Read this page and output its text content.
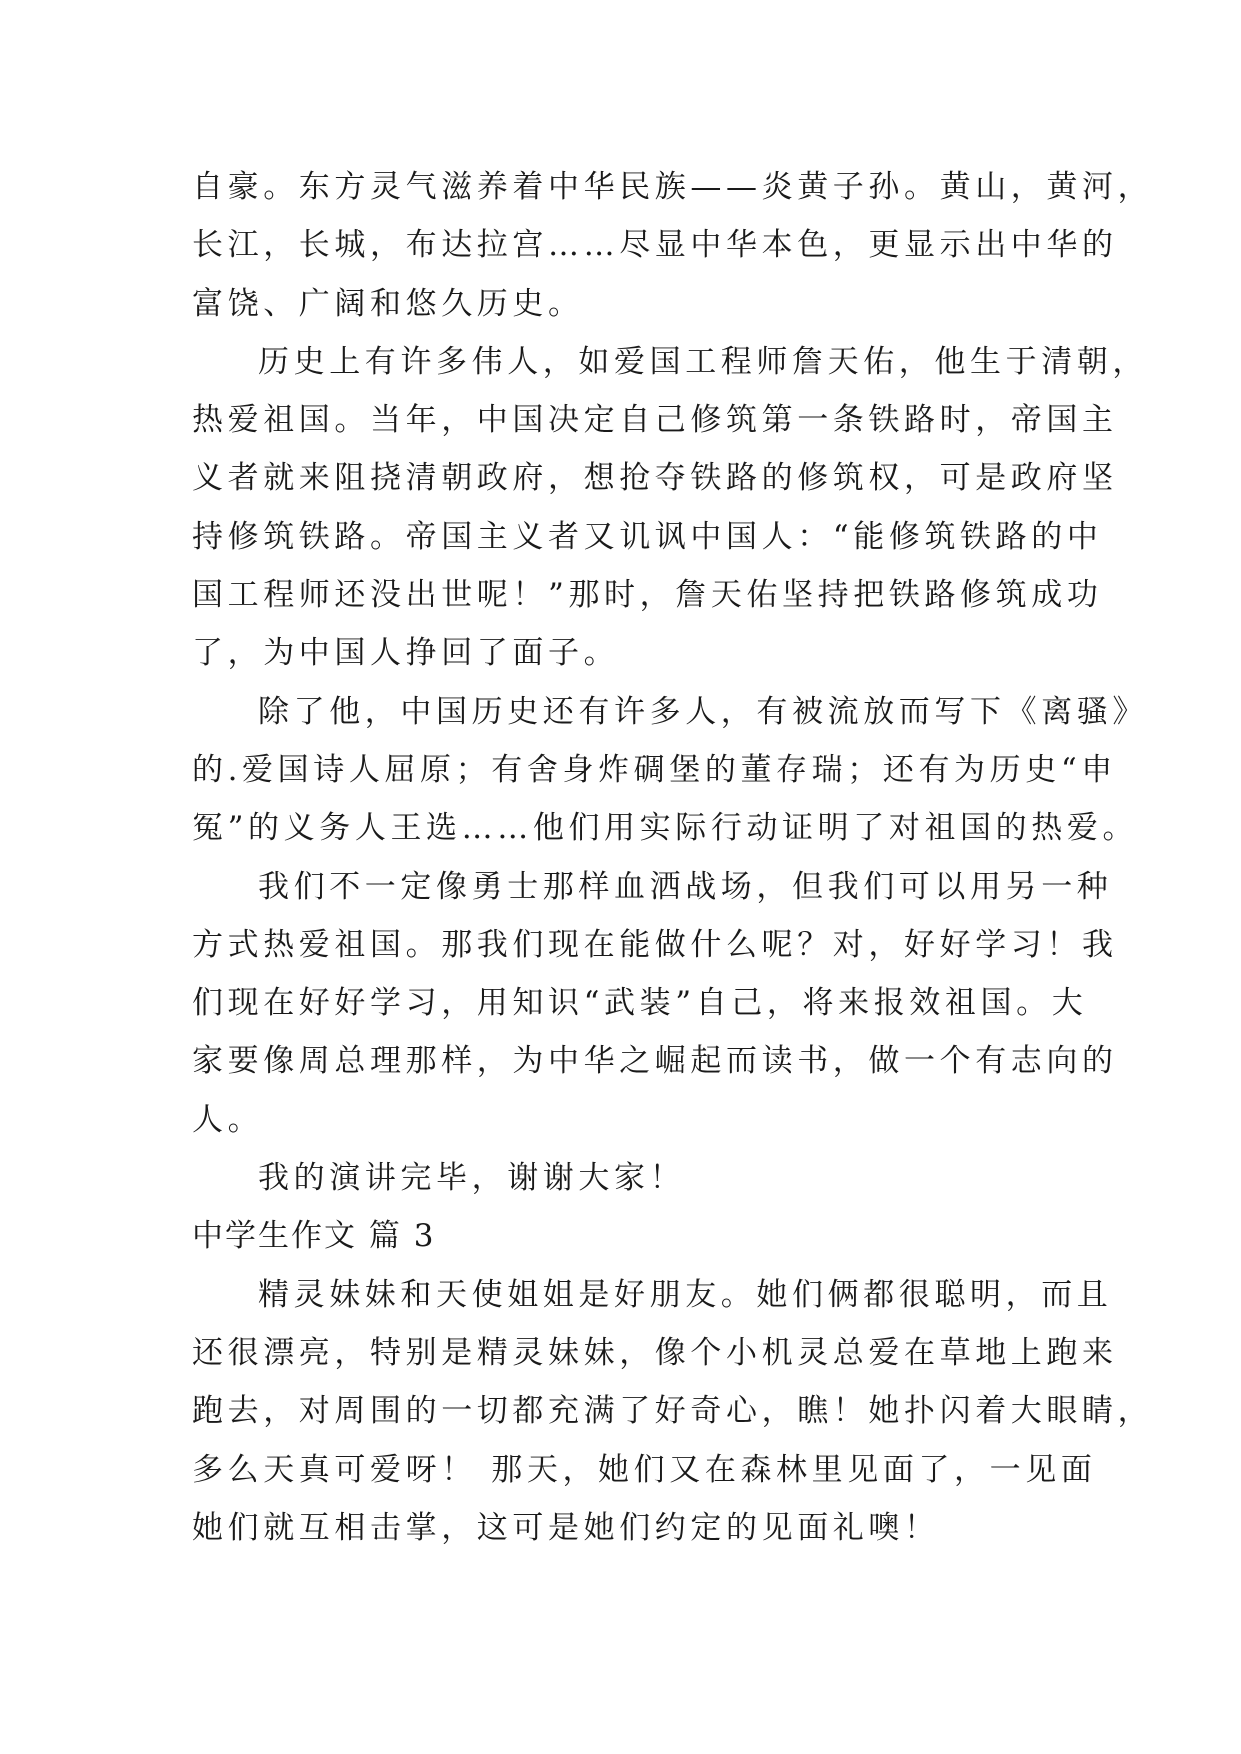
自豪。东方灵气滋养着中华民族——炎黄子孙。黄山，黄河，
长江，长城，布达拉宫……尽显中华本色，更显示出中华的
富饶、广阔和悠久历史。
历史上有许多伟人，如爱国工程师詹天佑，他生于清朝，
热爱祖国。当年，中国决定自己修筑第一条铁路时，帝国主
义者就来阻挠清朝政府，想抢夺铁路的修筑权，可是政府坚
持修筑铁路。帝国主义者又讥讽中国人：“能修筑铁路的中
国工程师还没出世呢！”那时，詹天佑坚持把铁路修筑成功
了，为中国人挣回了面子。
除了他，中国历史还有许多人，有被流放而写下《离骚》
的.爱国诗人屈原；有舍身炸碉堡的董存瑞；还有为历史“申
冤”的义务人王选……他们用实际行动证明了对祖国的热爱。
我们不一定像勇士那样血洒战场，但我们可以用另一种
方式热爱祖国。那我们现在能做什么呢？对，好好学习！我
们现在好好学习，用知识“武装”自己，将来报效祖国。大
家要像周总理那样，为中华之崛起而读书，做一个有志向的
人。
我的演讲完毕，谢谢大家！
中学生作文 篇 3
精灵妹妹和天使姐姐是好朋友。她们俩都很聪明，而且
还很漂亮，特别是精灵妹妹，像个小机灵总爱在草地上跑来
跑去，对周围的一切都充满了好奇心，瞧！她扑闪着大眼睛，
多么天真可爱呀！ 那天，她们又在森林里见面了，一见面
她们就互相击掌，这可是她们约定的见面礼噢！
